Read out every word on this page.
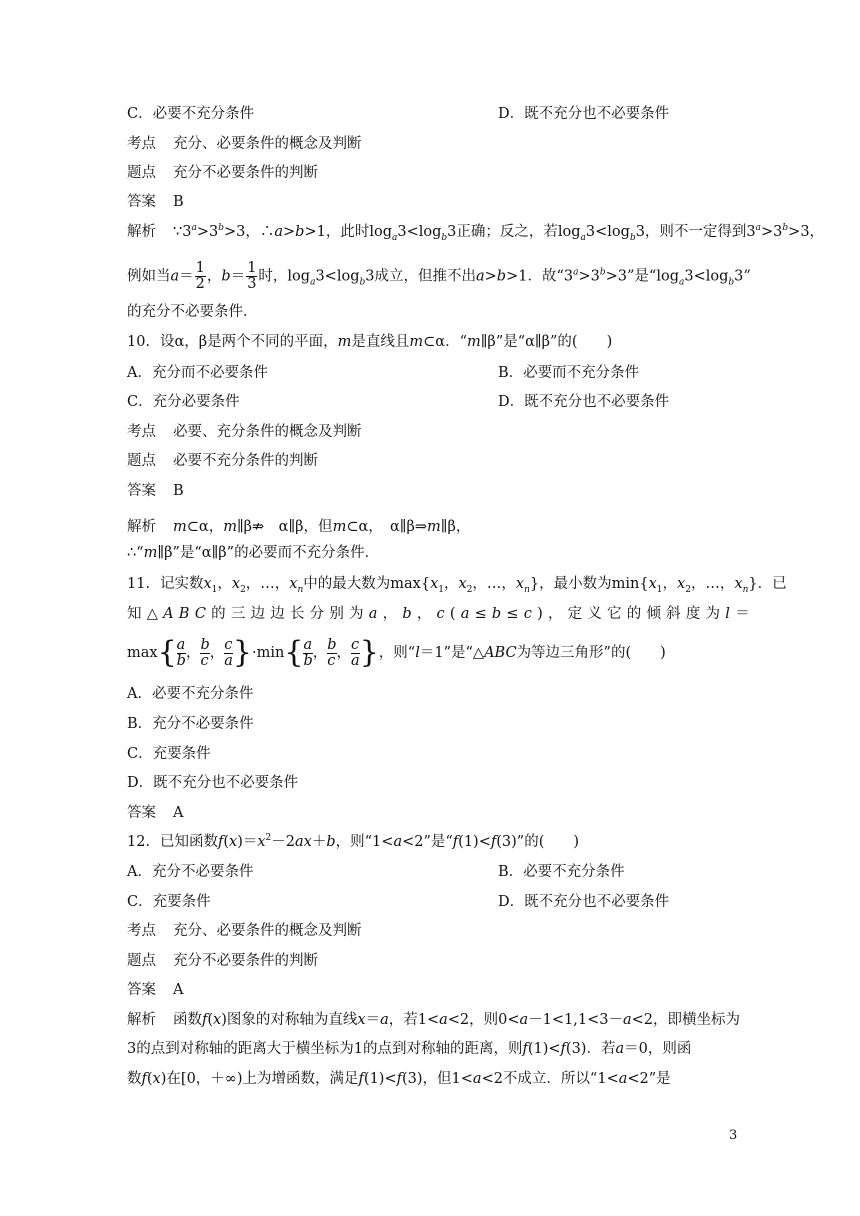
C．必要不充分条件	D．既不充分也不必要条件
考点 充分、必要条件的概念及判断
题点 充分不必要条件的判断
答案 B
解析 $\because 3^a>3^b>3$，∴a>b>1，此时$\log_a3<\log_b3$正确；反之，若$\log_a3<\log_b3$，则不一定得到$3^a>3^b>3$，
例如当$a= \frac{1}{2}$ ，$b= \frac{1}{3}$ 时，$\log_a3<\log_b3$成立，但推不出a>b>1．故“$3^a>3^b>3$”是“$\log_a3<\log_b3$”
的充分不必要条件．
10．设α，β是两个不同的平面，m是直线且m⊂α．“m∥β”是“α∥β”的(　　)
A．充分而不必要条件	B．必要而不充分条件
C．充分必要条件	D．既不充分也不必要条件
考点 必要、充分条件的概念及判断
题点 必要不充分条件的判断
答案 B
解析 m⊂α，m∥β⇏　α∥β，但m⊂α，　α∥β⇒m∥β，
∴“m∥β”是“α∥β”的必要而不充分条件．
11．记实数$x_1$，$x_2$，…，$x_n$中的最大数为$\max\{x_1$，$x_2$，…，$x_n$}，最小数为$\min\{x_1$，$x_2$，…，$x_n$}．已
知△ABC的三边边长分别为a，b，c(a≤b≤c)，定义它的倾斜度为l＝
$\max\{ \frac{a}{b}$ ， $\frac{b}{c}$ ， $\frac{c}{a} \}\cdot\min\{ \frac{a}{b}$ ， $\frac{b}{c}$ ， $\frac{c}{a}$ }，则“l＝1”是“△ABC为等边三角形”的(　　)
A．必要不充分条件
B．充分不必要条件
C．充要条件
D．既不充分也不必要条件
答案 A
12．已知函数$f(x)=x^2-2ax+b$，则“1<a<2”是“f(1)<f(3)”的(　　)
A．充分不必要条件	B．必要不充分条件
C．充要条件	D．既不充分也不必要条件
考点 充分、必要条件的概念及判断
题点 充分不必要条件的判断
答案 A
解析 函数f(x)图象的对称轴为直线x＝a，若1<a<2，则0<a－1<1,1<3－a<2，即横坐标为
3的点到对称轴的距离大于横坐标为1的点到对称轴的距离，则f(1)<f(3)．若a＝0，则函
数f(x)在[0，＋∞)上为增函数，满足f(1)<f(3)，但1<a<2不成立．所以“1<a<2”是
3
